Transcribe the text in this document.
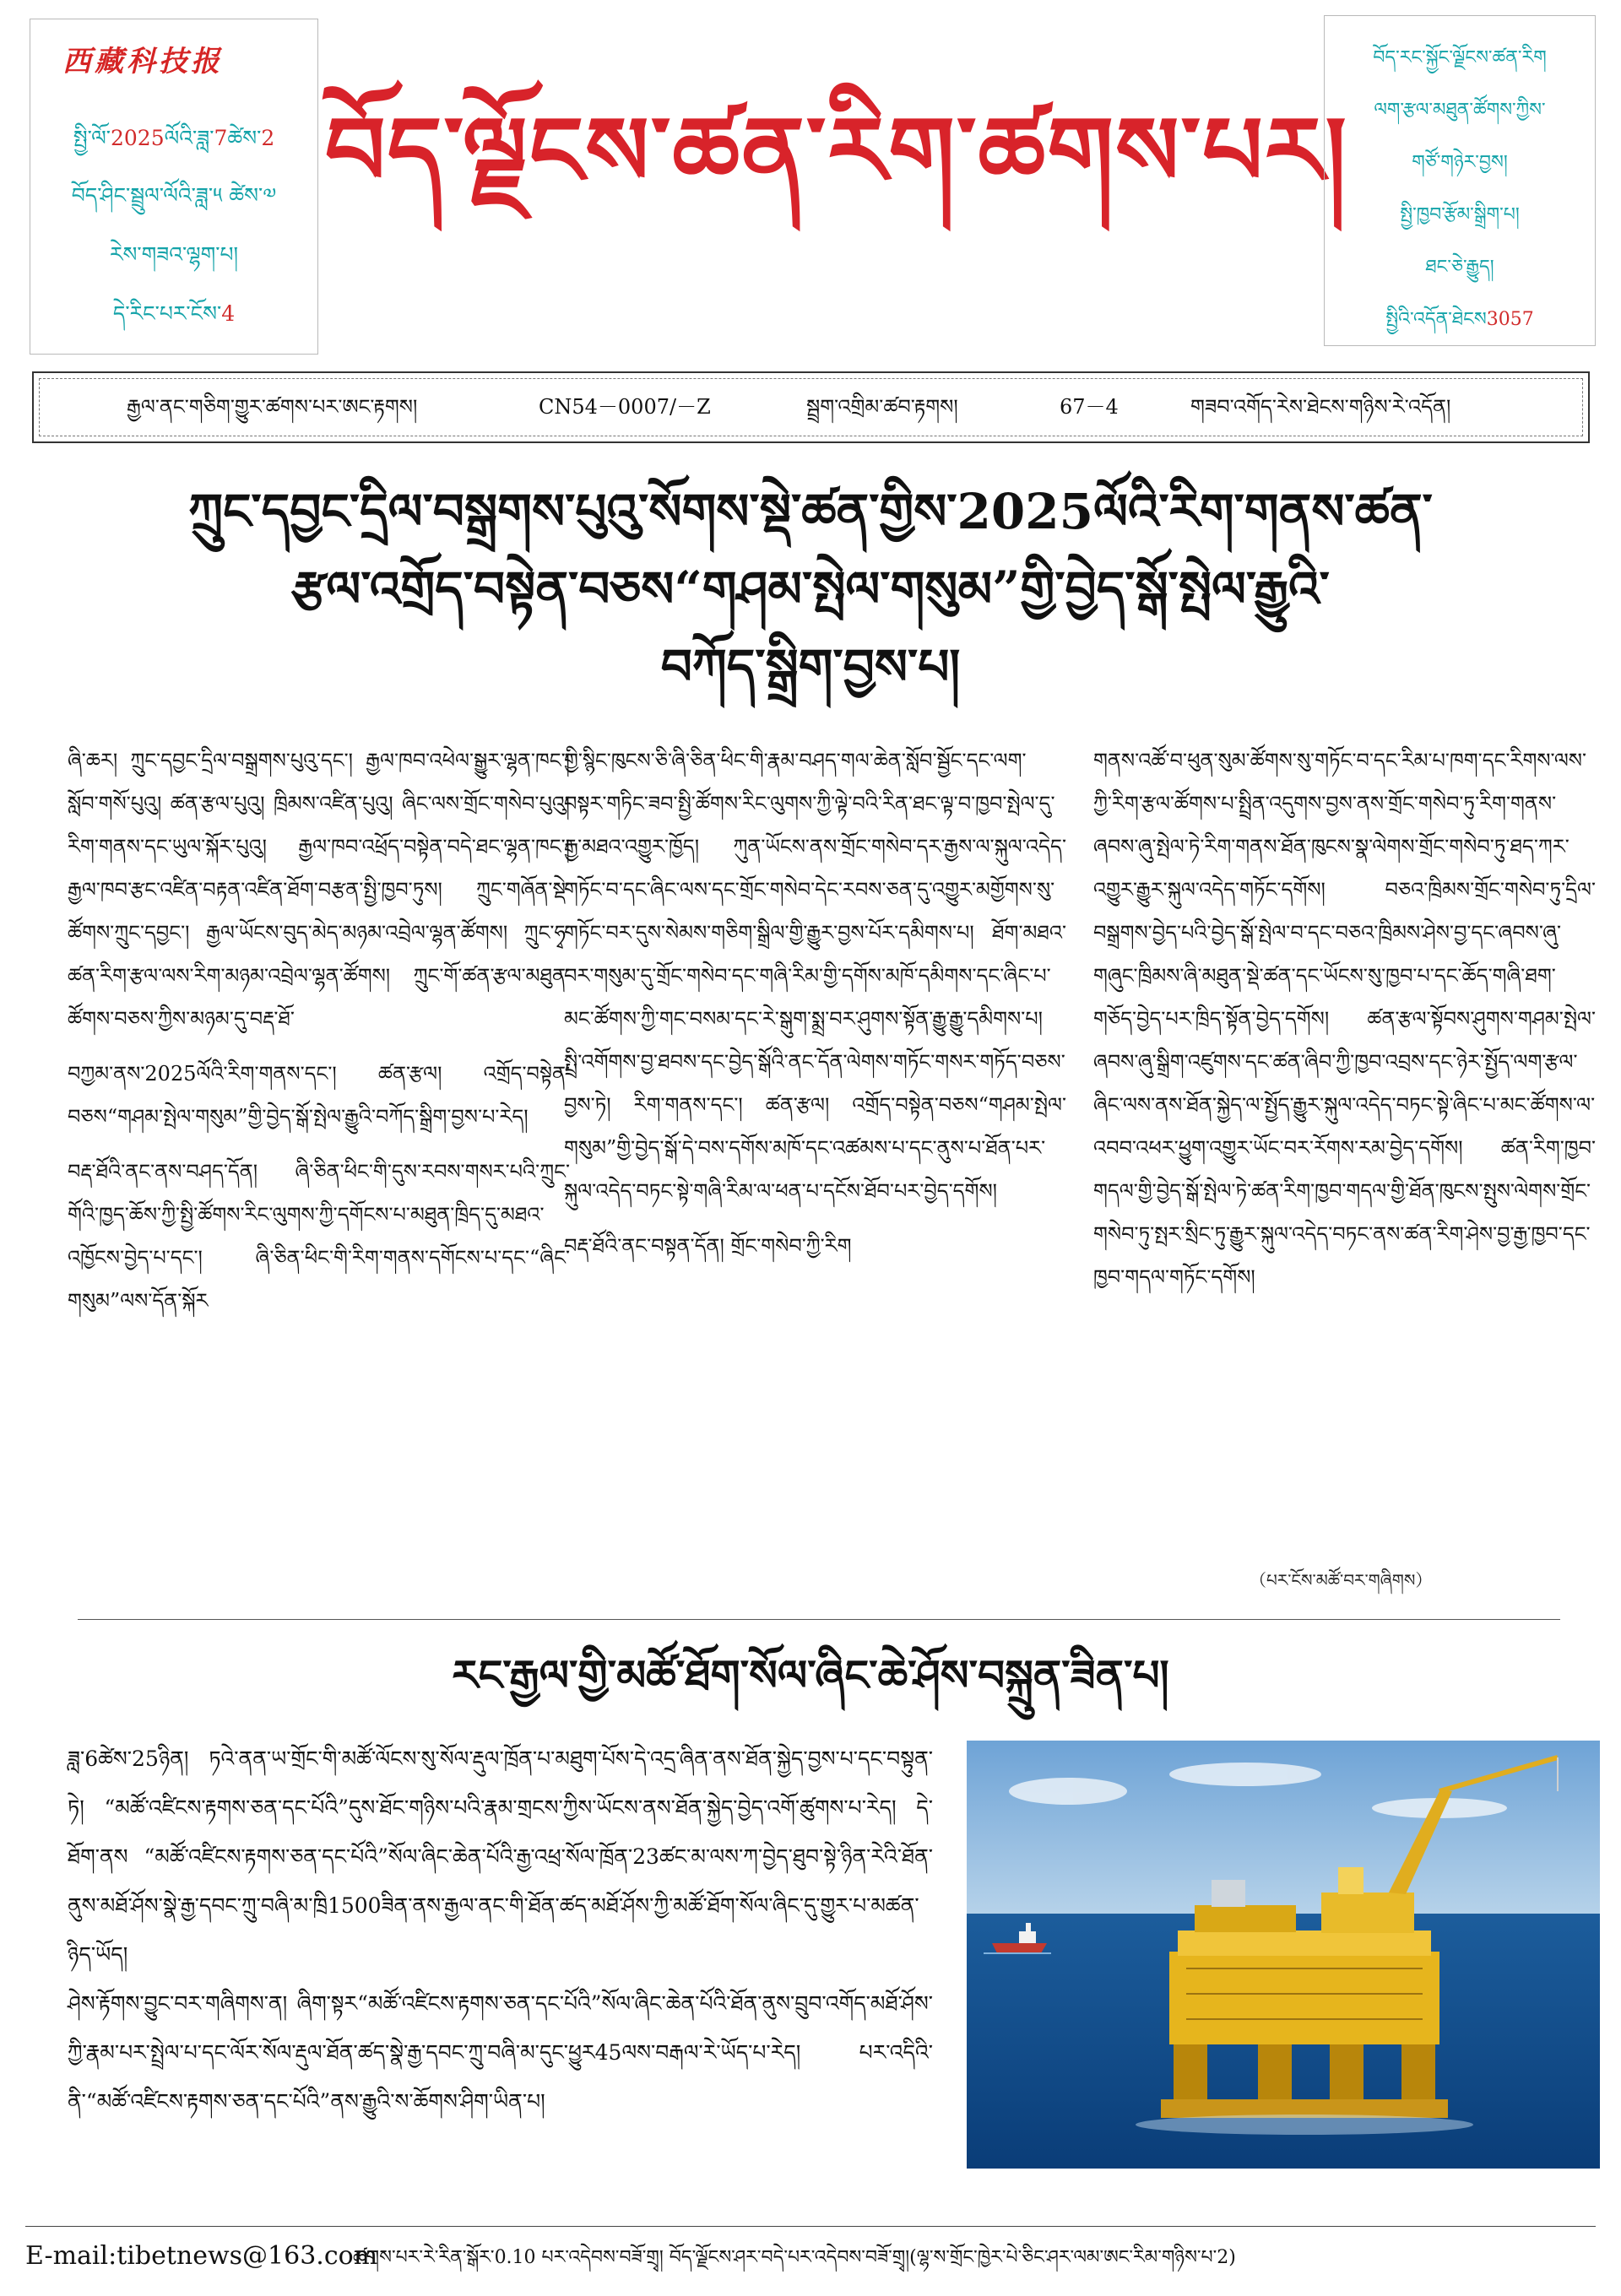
西藏科技报
སྤྱི་ལོ་2025ལོའི་ཟླ་7ཚེས་2
བོད་ཤིང་སྦྲུལ་ལོའི་ཟླ་༥ ཚེས་༧
རེས་གཟའ་ལྷག་པ།
དེ་རིང་པར་ངོས་4
བོད་ལྗོངས་ཚན་རིག་ཚགས་པར།
བོད་རང་སྐྱོང་ལྗོངས་ཚན་རིག
ལག་རྩལ་མཐུན་ཚོགས་ཀྱིས་
གཙོ་གཉེར་བྱས།
སྤྱི་ཁྱབ་རྩོམ་སྒྲིག་པ།
ཐང་ཅེ་རྒྱུད།
སྤྱིའི་འདོན་ཐེངས3057
རྒྱལ་ནང་གཅིག་གྱུར་ཚགས་པར་ཨང་རྟགས།	CN54－0007/－Z	སྦྲག་འགྲིམ་ཚབ་རྟགས།	67－4	གཟབ་འགོད་རེས་ཐེངས་གཉིས་རེ་འདོན།
ཀྲུང་དབྱང་དྲིལ་བསྒྲགས་པུའུ་སོགས་སྡེ་ཚན་གྱིས་2025ལོའི་རིག་གནས་ཚན་
རྩལ་འགྲོད་བསྟེན་བཅས“གཤམ་སྤེལ་གསུམ”གྱི་བྱེད་སྒོ་སྤེལ་རྒྱུའི་
བཀོད་སྒྲིག་བྱས་པ།

ཞི་ཆར། ཀྲུང་དབྱང་དྲིལ་བསྒྲགས་པུའུ་དང་། རྒྱལ་ཁབ་འཕེལ་སྒྱུར་ལྷན་ཁང་། སློབ་གསོ་པུའུ། ཚན་རྩལ་པུའུ། ཁྲིམས་འཛིན་པུའུ། ཞིང་ལས་གྲོང་གསེབ་པུའུ། རིག་གནས་དང་ཡུལ་སྐོར་པུའུ། རྒྱལ་ཁབ་འཕྲོད་བསྟེན་བདེ་ཐང་ལྷན་ཁང་། རྒྱལ་ཁབ་རྩང་འཛིན་བརྟན་འཛིན་ཐོག་བརྩན་སྤྱི་ཁྱབ་ཏུས། ཀྲུང་གཞོན་སྡེ་ཚོགས་ཀྲུང་དབྱང་། རྒྱལ་ཡོངས་བུད་མེད་མཉམ་འབྲེལ་ལྷན་ཚོགས། ཀྲུང་ཧྭ་ཚན་རིག་རྩལ་ལས་རིག་མཉམ་འབྲེལ་ལྷན་ཚོགས། ཀྲུང་གོ་ཚན་རྩལ་མཐུན་ཚོགས་བཅས་ཀྱིས་མཉམ་དུ་བརྡ་ཐོ་

བཀྱམ་ནས་2025ལོའི་རིག་གནས་དང་། ཚན་རྩལ། འགྲོད་བསྟེན་བཅས“གཤམ་སྤེལ་གསུམ”གྱི་བྱེད་སྒོ་སྤེལ་རྒྱུའི་བཀོད་སྒྲིག་བྱས་པ་རེད།

བརྡ་ཐོའི་ནང་ནས་བཤད་དོན། ཞི་ཅིན་ཕིང་གི་དུས་རབས་གསར་པའི་ཀྲུང་གོའི་ཁྱད་ཆོས་ཀྱི་སྤྱི་ཚོགས་རིང་ལུགས་ཀྱི་དགོངས་པ་མཐུན་ཁྲིད་དུ་མཐའ་འཁྱོངས་བྱེད་པ་དང་། ཞི་ཅིན་ཕིང་གི་རིག་གནས་དགོངས་པ་དང་“ཞིང་གསུམ”ལས་དོན་སྐོར

གྱི་སྙིང་ཁུངས་ཅི་ཞི་ཅིན་ཕིང་གི་རྣམ་བཤད་གལ་ཆེན་སློབ་སྦྱོང་དང་ལག་བསྟར་གཏིང་ཟབ་སྤྱི་ཚོགས་རིང་ལུགས་ཀྱི་ལྟེ་བའི་རིན་ཐང་ལྟ་བ་ཁྱབ་སྤེལ་དུ་རྒྱ་མཐའ་འགྱུར་ཁྱོད། ཀུན་ཡོངས་ནས་གྲོང་གསེབ་དར་རྒྱས་ལ་སྐུལ་འདེད་གཏོང་བ་དང་ཞིང་ལས་དང་གྲོང་གསེབ་དེང་རབས་ཅན་དུ་འགྱུར་མགྱོགས་སུ་གཏོང་བར་དུས་སེམས་གཅིག་སྒྲིལ་གྱི་རྒྱུར་བྱས་པོར་དམིགས་པ། ཐོག་མཐའ་བར་གསུམ་དུ་གྲོང་གསེབ་དང་གཞི་རིམ་གྱི་དགོས་མཁོ་དམིགས་དང་ཞིང་པ་མང་ཚོགས་ཀྱི་གང་བསམ་དང་རེ་སྒུག་སྨྲ་བར་ཤུགས་སྟོན་རྒྱུ་རྒྱུ་དམིགས་པ། སྤྲི་འགོགས་བྱ་ཐབས་དང་བྱེད་སྒོའི་ནང་དོན་ལེགས་གཏོང་གསར་གཏོད་བཅས་བྱས་ཏེ། རིག་གནས་དང་། ཚན་རྩལ། འགྲོད་བསྟེན་བཅས“གཤམ་སྤེལ་གསུམ”གྱི་བྱེད་སྒོ་དེ་བས་དགོས་མཁོ་དང་འཚམས་པ་དང་ནུས་པ་ཐོན་པར་སྐུལ་འདེད་བཏང་སྟེ་གཞི་རིམ་ལ་ཕན་པ་དངོས་ཐོབ་པར་བྱེད་དགོས།

བརྡ་ཐོའི་ནང་བསྟན་དོན། གྲོང་གསེབ་ཀྱི་རིག

གནས་འཚོ་བ་ཕུན་སུམ་ཚོགས་སུ་གཏོང་བ་དང་རིམ་པ་ཁག་དང་རིགས་ལས་ཀྱི་རིག་རྩལ་ཚོགས་པ་སྤྲིན་འདུགས་བྱས་ནས་གྲོང་གསེབ་ཏུ་རིག་གནས་ཞབས་ཞུ་སྤེལ་ཏེ་རིག་གནས་ཐོན་ཁུངས་སྣ་ལེགས་གྲོང་གསེབ་ཏུ་ཐད་ཀར་འགྱུར་རྒྱུར་སྐུལ་འདེད་གཏོང་དགོས། བཅའ་ཁྲིམས་གྲོང་གསེབ་ཏུ་དྲིལ་བསྒྲགས་བྱེད་པའི་བྱེད་སྒོ་སྤེལ་བ་དང་བཅའ་ཁྲིམས་ཤེས་བྱ་དང་ཞབས་ཞུ་གཞུང་ཁྲིམས་ཞི་མཐུན་སྡེ་ཚན་དང་ཡོངས་སུ་ཁྱབ་པ་དང་ཆོད་གཞི་ཐག་གཅོད་བྱེད་པར་ཁྲིད་སྟོན་བྱེད་དགོས། ཚན་རྩལ་སྟོབས་ཤུགས་གཤམ་སྤེལ་ཞབས་ཞུ་སྒྲིག་འཛུགས་དང་ཚན་ཞིབ་ཀྱི་ཁྱབ་འབྲས་དང་ཉེར་སྤྱོད་ལག་རྩལ་ཞིང་ལས་ནས་ཐོན་སྐྱེད་ལ་སྤྱོད་རྒྱུར་སྐུལ་འདེད་བཏང་སྟེ་ཞིང་པ་མང་ཚོགས་ལ་འབབ་འཕར་ཕྱུག་འགྱུར་ཡོང་བར་རོགས་རམ་བྱེད་དགོས། ཚན་རིག་ཁྱབ་གདལ་གྱི་བྱེད་སྒོ་སྤེལ་ཏེ་ཚན་རིག་ཁྱབ་གདལ་གྱི་ཐོན་ཁུངས་སྤུས་ལེགས་གྲོང་གསེབ་ཏུ་སྤར་སྲིང་ཏུ་རྒྱུར་སྐུལ་འདེད་བཏང་ནས་ཚན་རིག་ཤེས་བྱ་རྒྱ་ཁྱབ་དང་ཁྱབ་གདལ་གཏོང་དགོས།

（པར་ངོས་མཚོ་བར་གཞིགས）
རང་རྒྱལ་གྱི་མཚོ་ཐོག་སོལ་ཞིང་ཆེ་ཤོས་བསྐྲུན་ཟིན་པ།

ཟླ་6ཚེས་25ཉིན། ཏའེ་ནན་ཡ་གྲོང་གི་མཚོ་ལོངས་སུ་སོལ་རྡུལ་ཁྲོན་པ་མཐུག་པོས་དེ་འདྲ་ཞིན་ནས་ཐོན་སྐྱེད་བྱས་པ་དང་བསྟུན་ཏེ། “མཚོ་འཛིངས་རྟགས་ཅན་དང་པོའི”དུས་ཐོང་གཉིས་པའི་རྣམ་གྲངས་ཀྱིས་ཡོངས་ནས་ཐོན་སྐྱེད་བྱེད་འགོ་ཚུགས་པ་རེད། དེ་ཐོག་ནས “མཚོ་འཛིངས་རྟགས་ཅན་དང་པོའི”སོལ་ཞིང་ཆེན་པོའི་རྒྱ་འཕྲ་སོལ་ཁྲོན་23ཚང་མ་ལས་ཀ་བྱེད་ཐུབ་སྟེ་ཉིན་རེའི་ཐོན་ནུས་མཐོ་ཤོས་སྣེ་རྒྱ་དབང་ཀྲུ་བཞི་མ་ཁྲི1500ཟིན་ནས་རྒྱལ་ནང་གི་ཐོན་ཚད་མཐོ་ཤོས་ཀྱི་མཚོ་ཐོག་སོལ་ཞིང་དུ་གྱུར་པ་མཚན་ཉིད་ཡོད།

ཤེས་རྟོགས་བྱུང་བར་གཞིགས་ན། ཞིག་སྟར“མཚོ་འཛིངས་རྟགས་ཅན་དང་པོའི”སོལ་ཞིང་ཆེན་པོའི་ཐོན་ནུས་བྲུབ་འགོད་མཐོ་ཤོས་ཀྱི་རྣམ་པར་སྤྲེལ་པ་དང་ལོར་སོལ་རྡུལ་ཐོན་ཚད་སྣེ་རྒྱ་དབང་ཀྲུ་བཞི་མ་དུང་ཕྱུར45ལས་བརྒལ་རེ་ཡོད་པ་རེད། པར་འདིའི་ནི་“མཚོ་འཛིངས་རྟགས་ཅན་དང་པོའི”ནས་རྒྱུའི་ས་ཆོགས་ཤིག་ཡིན་པ།

E-mail:tibetnews@163.com
ཚགས་པར་རེ་རིན་སྒོར་0.10 པར་འདེབས་བཟོ་གྲྭ། བོད་ལྗོངས་ཤར་བདེ་པར་འདེབས་བཟོ་གྲྭ།(ལྷ་ས་གྲོང་ཁྱེར་པེ་ཅིང་ཤར་ལམ་ཨང་རིམ་གཉིས་པ་2)
